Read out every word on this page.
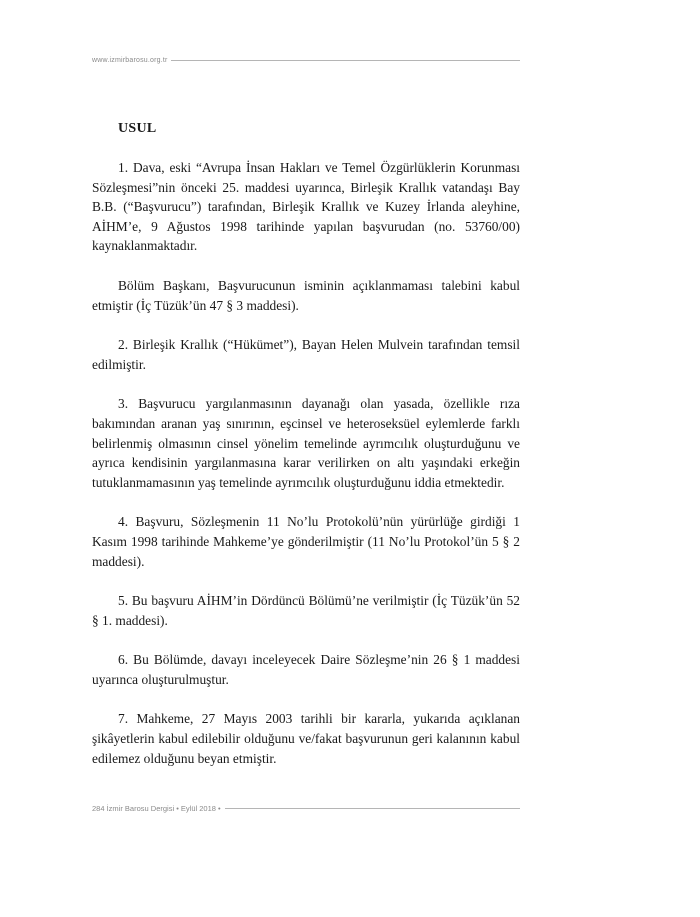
www.izmirbarosu.org.tr
USUL

1. Dava, eski “Avrupa İnsan Hakları ve Temel Özgürlüklerin Korunması Sözleşmesi”nin önceki 25. maddesi uyarınca, Birleşik Krallık vatandaşı Bay B.B. (“Başvurucu”) tarafından, Birleşik Krallık ve Kuzey İrlanda aleyhine, AİHM’e, 9 Ağustos 1998 tarihinde yapılan başvurudan (no. 53760/00) kaynaklanmaktadır.

Bölüm Başkanı, Başvurucunun isminin açıklanmaması talebini kabul etmiştir (İç Tüzük’ün 47 § 3 maddesi).

2. Birleşik Krallık (“Hükümet”), Bayan Helen Mulvein tarafından temsil edilmiştir.

3. Başvurucu yargılanmasının dayanağı olan yasada, özellikle rıza bakımından aranan yaş sınırının, eşcinsel ve heteroseksüel eylemlerde farklı belirlenmiş olmasının cinsel yönelim temelinde ayrımcılık oluşturduğunu ve ayrıca kendisinin yargılanmasına karar verilirken on altı yaşındaki erkeğin tutuklanmamasının yaş temelinde ayrımcılık oluşturduğunu iddia etmektedir.

4. Başvuru, Sözleşmenin 11 No’lu Protokolü’nün yürürlüğe girdiği 1 Kasım 1998 tarihinde Mahkeme’ye gönderilmiştir (11 No’lu Protokol’ün 5 § 2 maddesi).

5. Bu başvuru AİHM’in Dördüncü Bölümü’ne verilmiştir (İç Tüzük’ün 52 § 1. maddesi).

6. Bu Bölümde, davayı inceleyecek Daire Sözleşme’nin 26 § 1 maddesi uyarınca oluşturulmuştur.

7. Mahkeme, 27 Mayıs 2003 tarihli bir kararla, yukarıda açıklanan şikâyetlerin kabul edilebilir olduğunu ve/fakat başvurunun geri kalanının kabul edilemez olduğunu beyan etmiştir.

284 İzmir Barosu Dergisi • Eylül 2018 •
